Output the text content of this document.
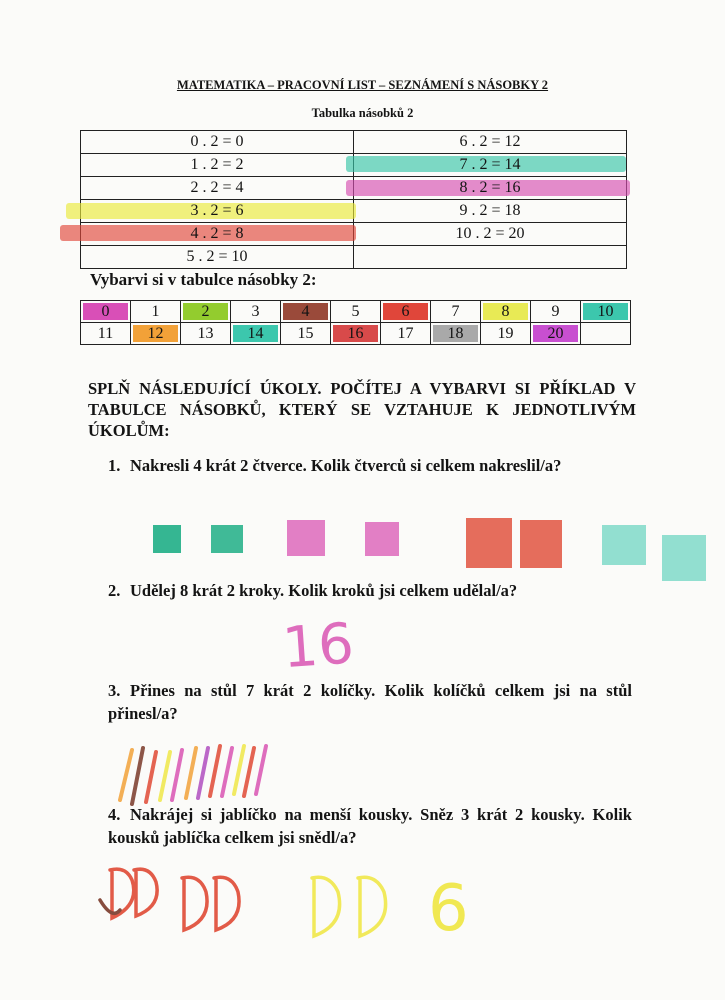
MATEMATIKA – PRACOVNÍ LIST – SEZNÁMENÍ S NÁSOBKY 2
Tabulka násobků 2
0 . 2 = 0	6 . 2 = 12
1 . 2 = 2	7 . 2 = 14
2 . 2 = 4	8 . 2 = 16
3 . 2 = 6	9 . 2 = 18
4 . 2 = 8	10 . 2 = 20
5 . 2 = 10	
Vybarvi si v tabulce násobky 2:
0	1	2	3	4	5	6	7	8	9	10
11	12	13	14	15	16	17	18	19	20	
SPLŇ NÁSLEDUJÍCÍ ÚKOLY. POČÍTEJ A VYBARVI SI PŘÍKLAD V TABULCE NÁSOBKŮ, KTERÝ SE VZTAHUJE K JEDNOTLIVÝM ÚKOLŮM:
1. Nakresli 4 krát 2 čtverce. Kolik čtverců si celkem nakreslil/a?
2. Udělej 8 krát 2 kroky. Kolik kroků jsi celkem udělal/a?
3. Přines na stůl 7 krát 2 kolíčky. Kolik kolíčků celkem jsi na stůl přinesl/a?
4. Nakrájej si jablíčko na menší kousky. Sněz 3 krát 2 kousky. Kolik kousků jablíčka celkem jsi snědl/a?
16
6
